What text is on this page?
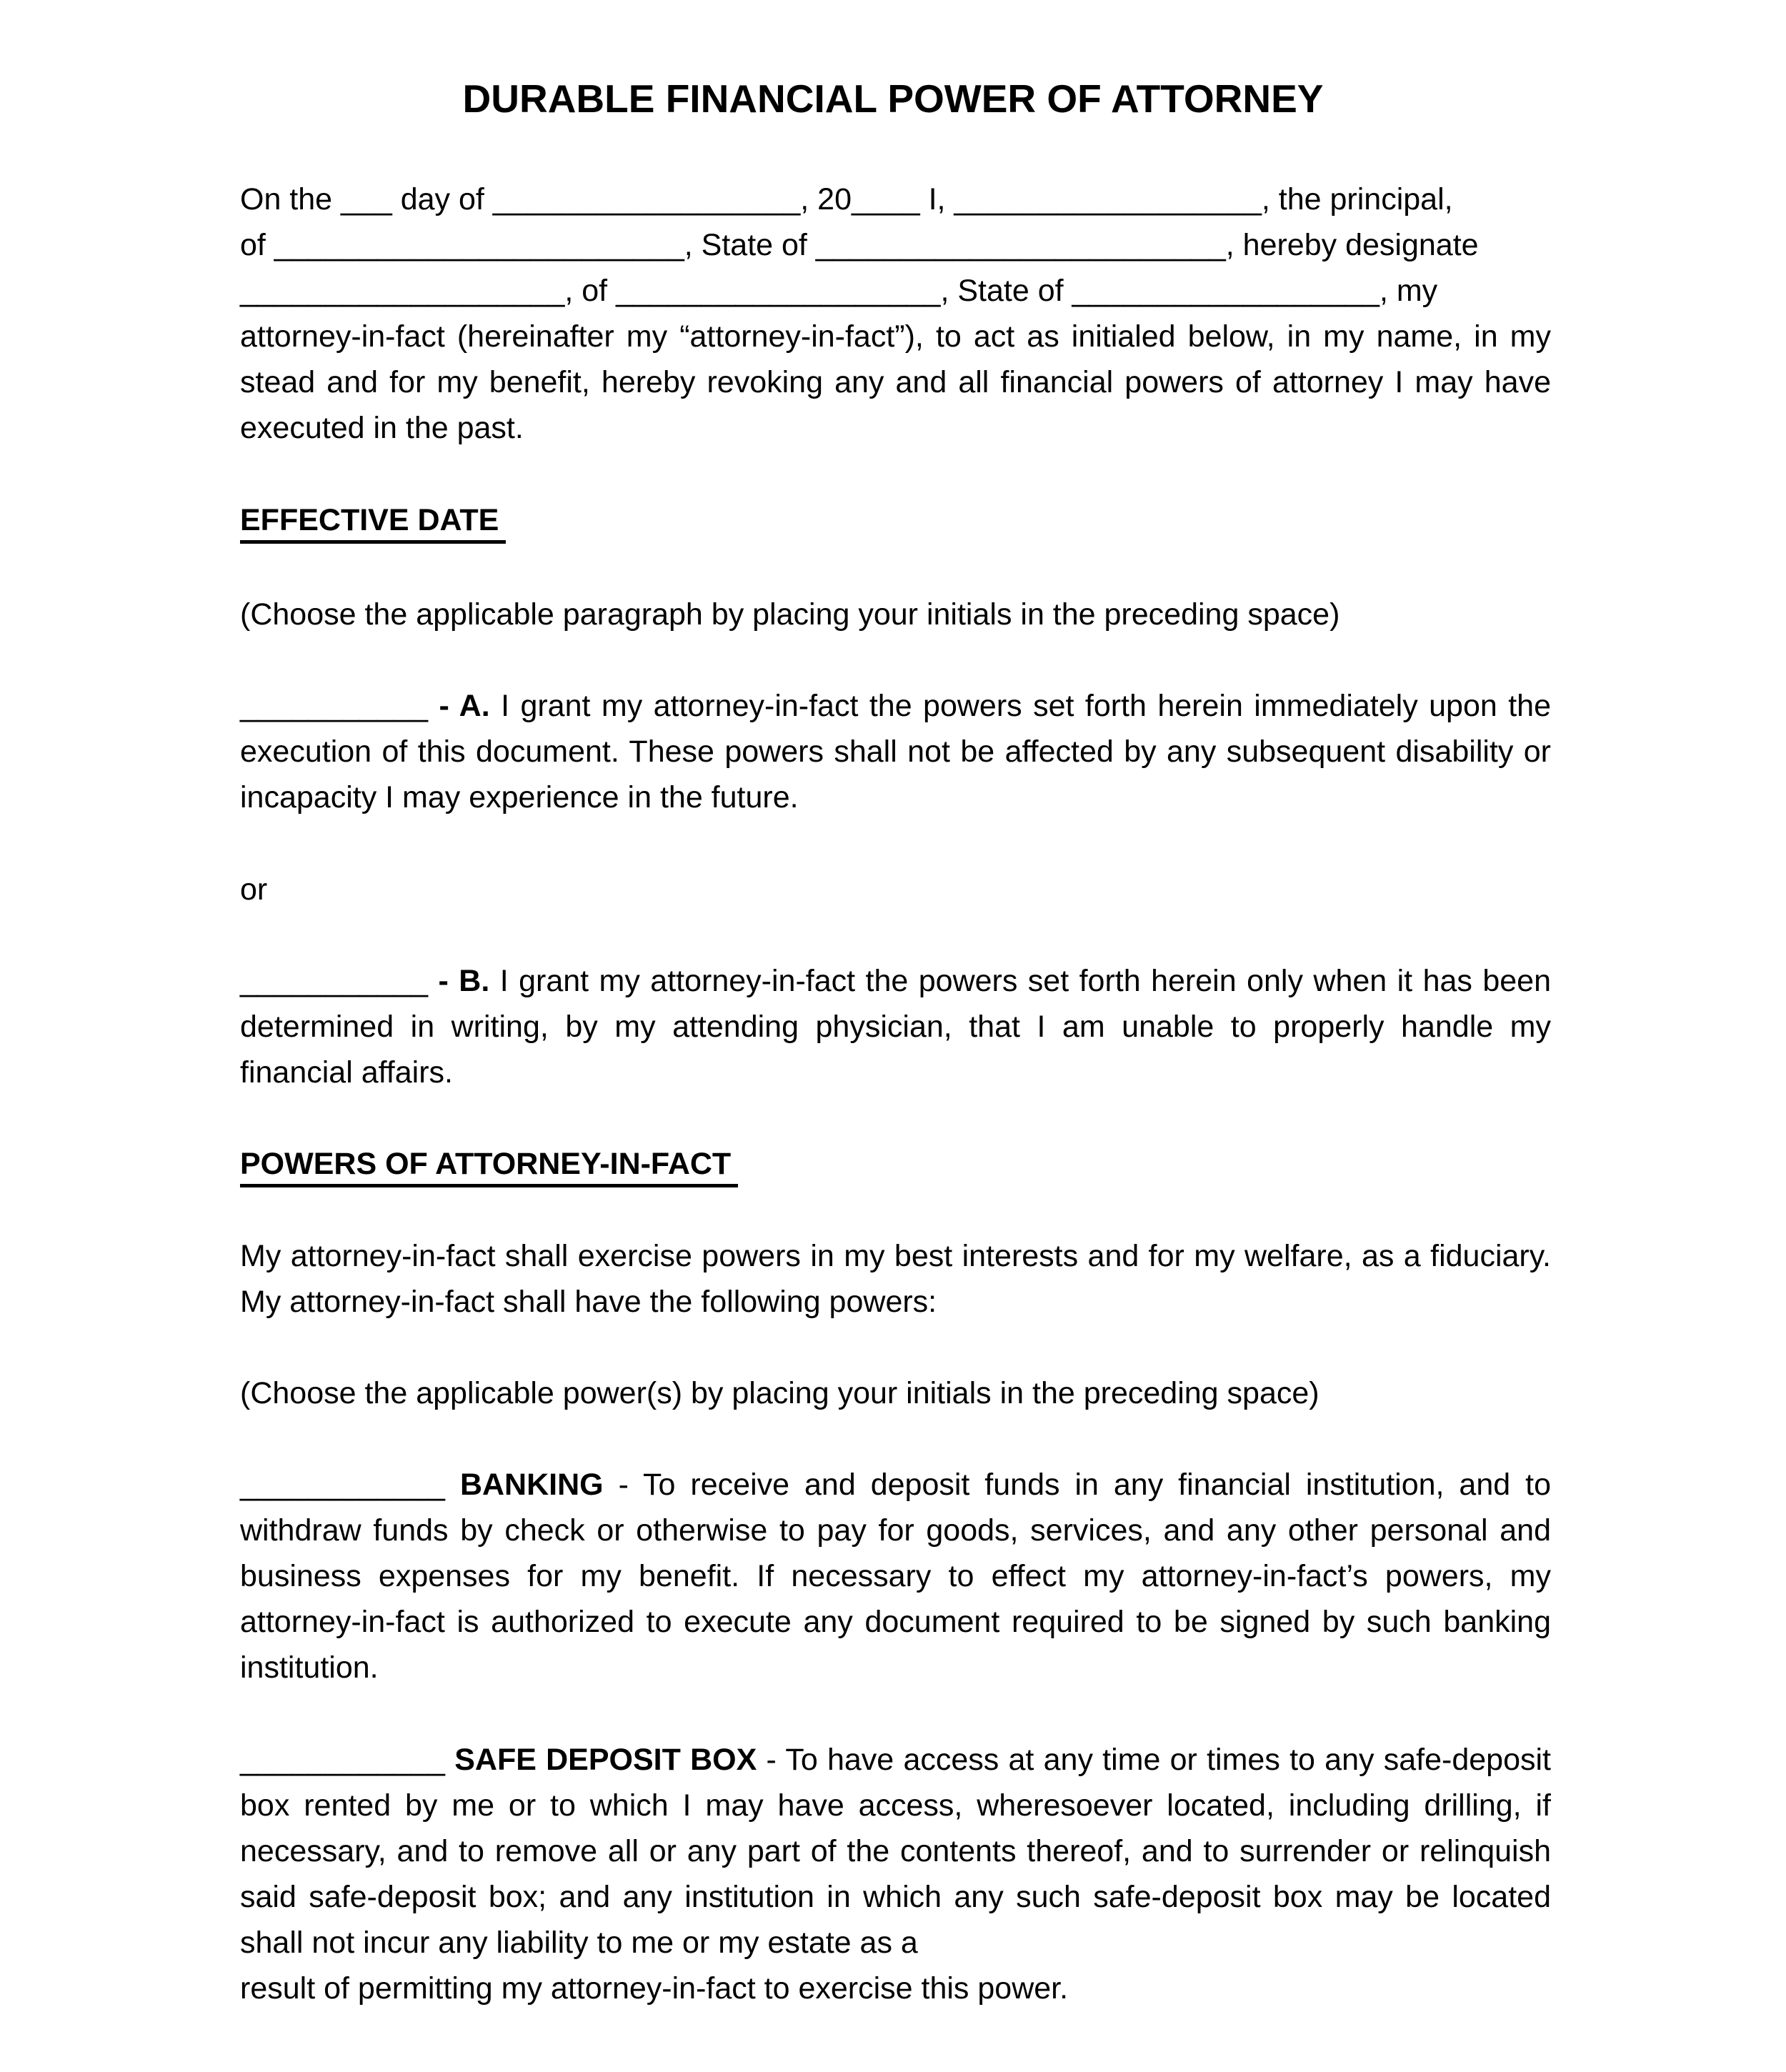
DURABLE FINANCIAL POWER OF ATTORNEY
On the ___ day of __________________, 20____ I, __________________, the principal,
of ________________________, State of ________________________, hereby designate
___________________, of ___________________, State of __________________, my
attorney-in-fact (hereinafter my “attorney-in-fact”), to act as initialed below, in my name, in my stead and for my benefit, hereby revoking any and all financial powers of attorney I may have executed in the past.
EFFECTIVE DATE
(Choose the applicable paragraph by placing your initials in the preceding space)
___________ - A. I grant my attorney-in-fact the powers set forth herein immediately upon the execution of this document. These powers shall not be affected by any subsequent disability or incapacity I may experience in the future.
or
___________ - B. I grant my attorney-in-fact the powers set forth herein only when it has been determined in writing, by my attending physician, that I am unable to properly handle my financial affairs.
POWERS OF ATTORNEY-IN-FACT
My attorney-in-fact shall exercise powers in my best interests and for my welfare, as a fiduciary. My attorney-in-fact shall have the following powers:
(Choose the applicable power(s) by placing your initials in the preceding space)
____________ BANKING - To receive and deposit funds in any financial institution, and to withdraw funds by check or otherwise to pay for goods, services, and any other personal and business expenses for my benefit. If necessary to effect my attorney-in-fact’s powers, my attorney-in-fact is authorized to execute any document required to be signed by such banking institution.
____________ SAFE DEPOSIT BOX - To have access at any time or times to any safe-deposit box rented by me or to which I may have access, wheresoever located, including drilling, if necessary, and to remove all or any part of the contents thereof, and to surrender or relinquish said safe-deposit box; and any institution in which any such safe-deposit box may be located shall not incur any liability to me or my estate as a
result of permitting my attorney-in-fact to exercise this power.
